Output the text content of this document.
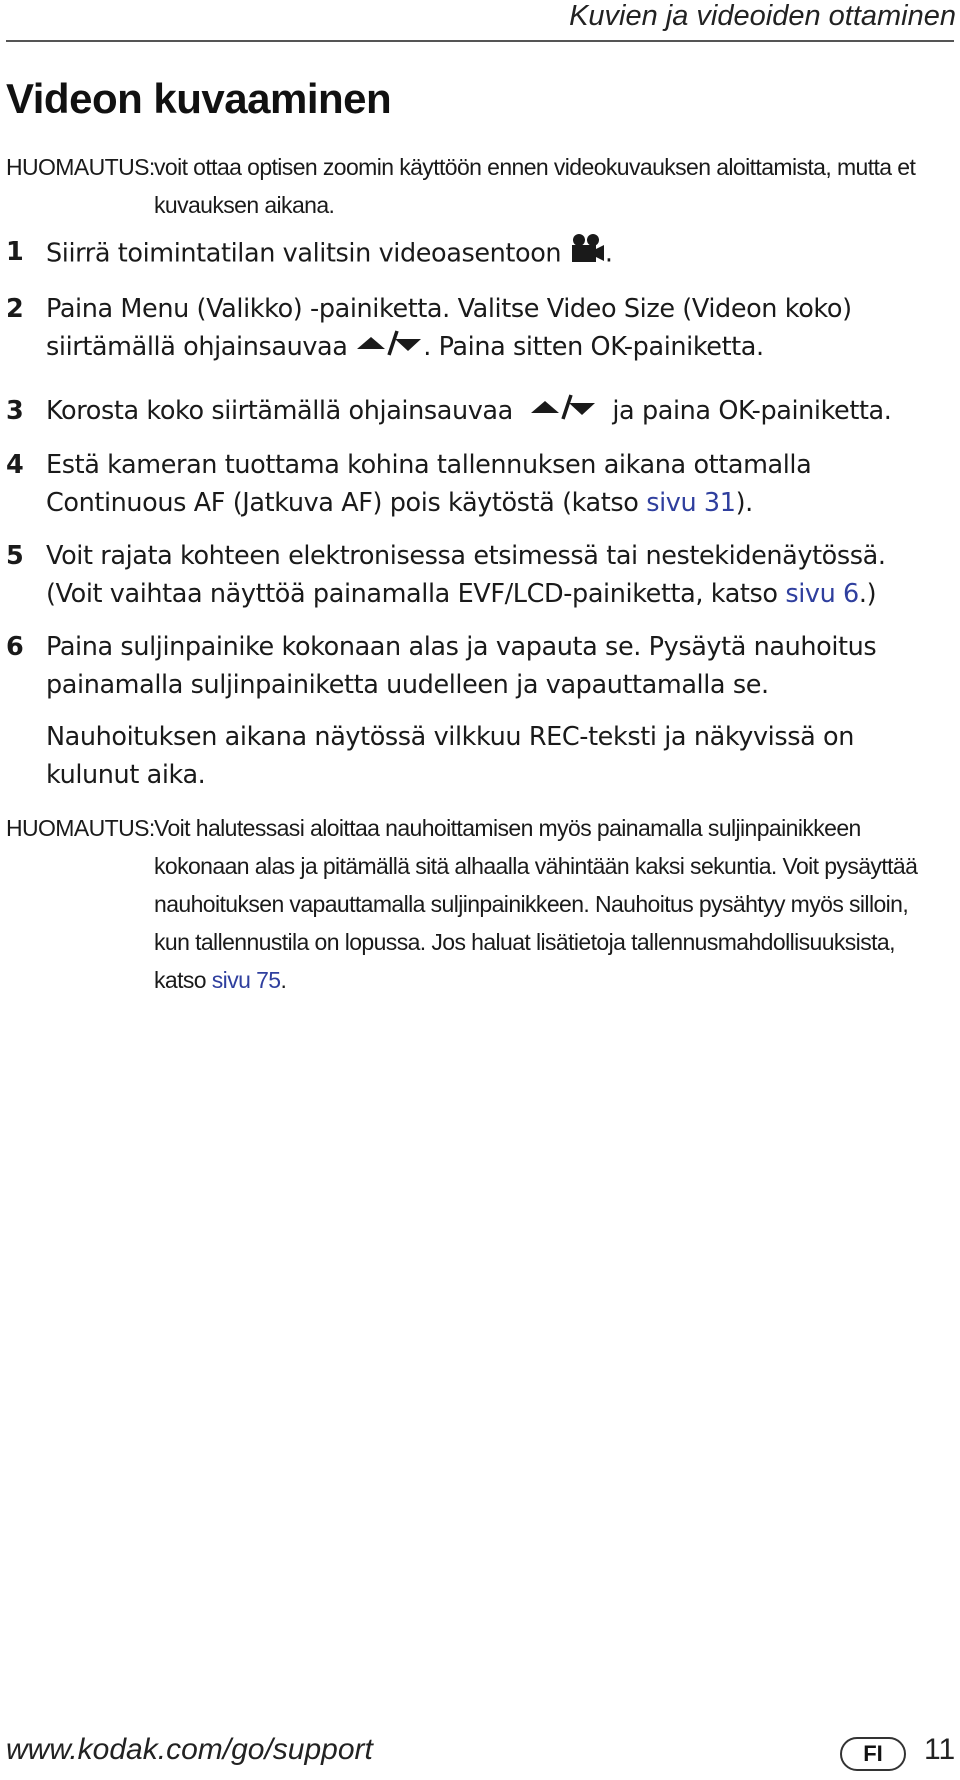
Kuvien ja videoiden ottaminen
Videon kuvaaminen
HUOMAUTUS: voit ottaa optisen zoomin käyttöön ennen videokuvauksen aloittamista, mutta et kuvauksen aikana.
1 Siirrä toimintatilan valitsin videoasentoon .
2 Paina Menu (Valikko) -painiketta. Valitse Video Size (Videon koko) siirtämällä ohjainsauvaa	. Paina sitten OK-painiketta.
3 Korosta koko siirtämällä ohjainsauvaa	ja paina OK-painiketta.
4 Estä kameran tuottama kohina tallennuksen aikana ottamalla Continuous AF (Jatkuva AF) pois käytöstä (katso sivu 31).
5 Voit rajata kohteen elektronisessa etsimessä tai nestekidenäytössä. (Voit vaihtaa näyttöä painamalla EVF/LCD-painiketta, katso sivu 6.)
6 Paina suljinpainike kokonaan alas ja vapauta se. Pysäytä nauhoitus painamalla suljinpainiketta uudelleen ja vapauttamalla se.
Nauhoituksen aikana näytössä vilkkuu REC-teksti ja näkyvissä on kulunut aika.
HUOMAUTUS: Voit halutessasi aloittaa nauhoittamisen myös painamalla suljinpainikkeen kokonaan alas ja pitämällä sitä alhaalla vähintään kaksi sekuntia. Voit pysäyttää nauhoituksen vapauttamalla suljinpainikkeen. Nauhoitus pysähtyy myös silloin, kun tallennustila on lopussa. Jos haluat lisätietoja tallennusmahdollisuuksista, katso sivu 75.
www.kodak.com/go/support	FI	11
